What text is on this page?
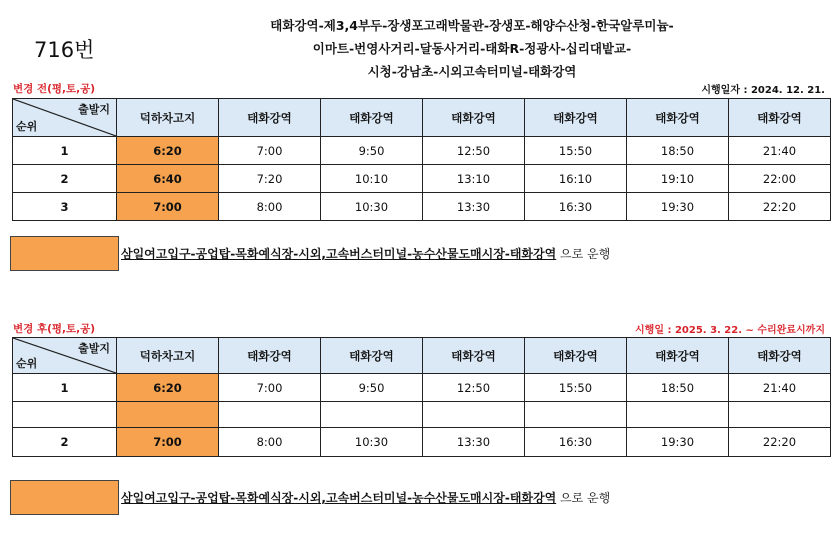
716번
태화강역-제3,4부두-장생포고래박물관-장생포-해양수산청-한국알루미늄-
이마트-번영사거리-달동사거리-태화R-정광사-십리대밭교-
시청-강남초-시외고속터미널-태화강역
변경 전(평,토,공)	시행일자 : 2024. 12. 21.
출발지
순위	덕하차고지	태화강역	태화강역	태화강역	태화강역	태화강역	태화강역
1	6:20	7:00	9:50	12:50	15:50	18:50	21:40
2	6:40	7:20	10:10	13:10	16:10	19:10	22:00
3	7:00	8:00	10:30	13:30	16:30	19:30	22:20
삼일여고입구-공업탑-목화예식장-시외,고속버스터미널-농수산물도매시장-태화강역 으로 운행
변경 후(평,토,공)	시행일 : 2025. 3. 22. ~ 수리완료시까지
출발지
순위	덕하차고지	태화강역	태화강역	태화강역	태화강역	태화강역	태화강역
1	6:20	7:00	9:50	12:50	15:50	18:50	21:40

2	7:00	8:00	10:30	13:30	16:30	19:30	22:20
삼일여고입구-공업탑-목화예식장-시외,고속버스터미널-농수산물도매시장-태화강역 으로 운행
